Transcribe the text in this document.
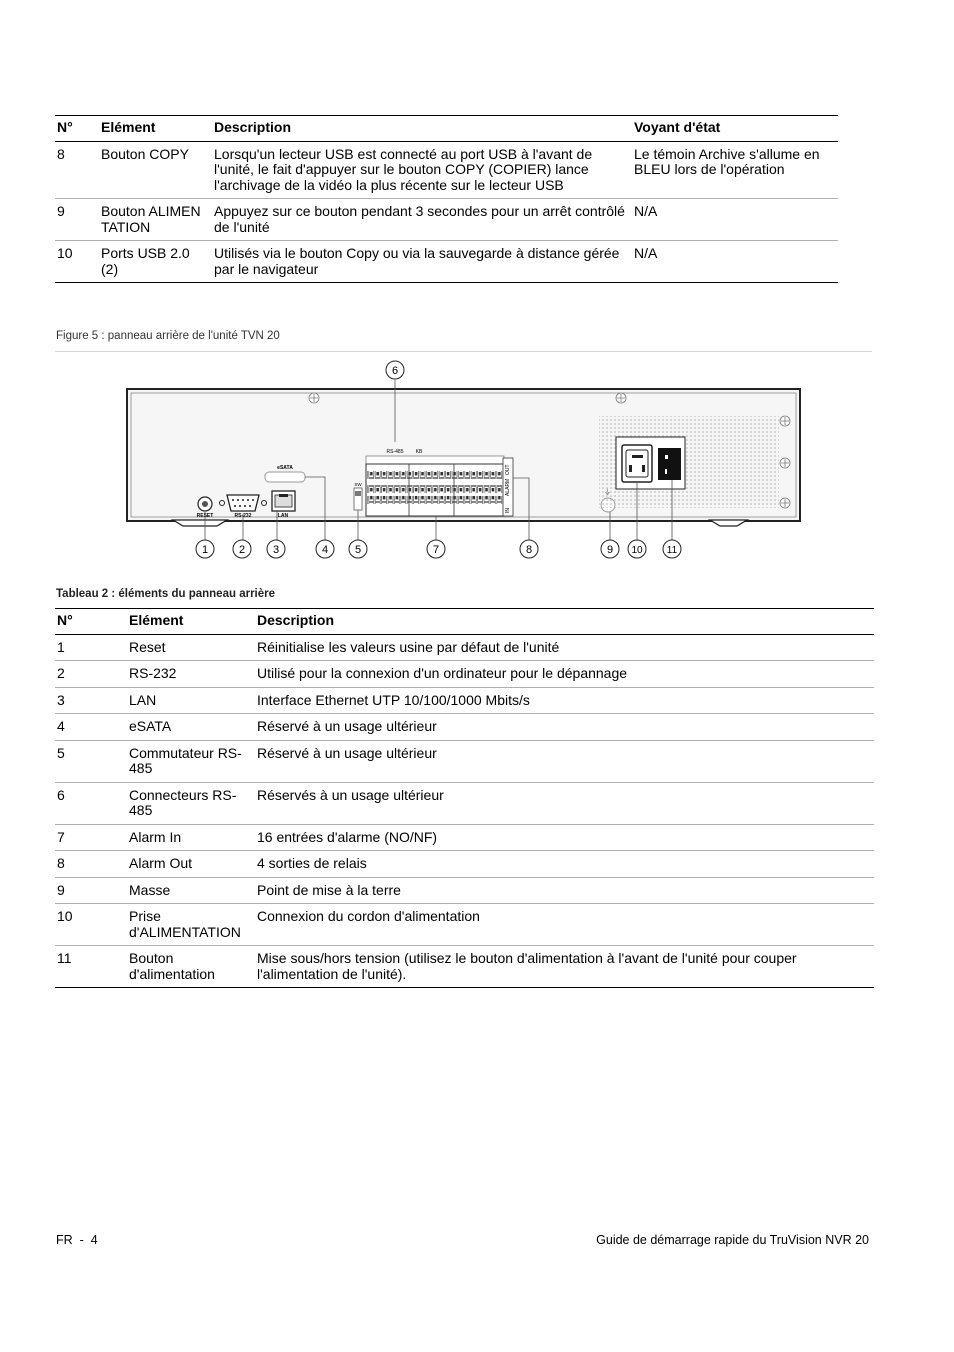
N°	Elément	Description	Voyant d'état
8	Bouton COPY	Lorsqu'un lecteur USB est connecté au port USB à l'avant de l'unité, le fait d'appuyer sur le bouton COPY (COPIER) lance l'archivage de la vidéo la plus récente sur le lecteur USB	Le témoin Archive s'allume en BLEU lors de l'opération
9	Bouton ALIMENTATION	Appuyez sur ce bouton pendant 3 secondes pour un arrêt contrôlé de l'unité	N/A
10	Ports USB 2.0 (2)	Utilisés via le bouton Copy ou via la sauvegarde à distance gérée par le navigateur	N/A
Figure 5 : panneau arrière de l'unité TVN 20
RESET	RS-232	LAN
eSATA
SW
RS-485 KB
IN
ALARM
OUT
6
1	2	3	4 5	7	8	9 10 11
Tableau 2 : éléments du panneau arrière
N°	Elément	Description
1	Reset	Réinitialise les valeurs usine par défaut de l'unité
2	RS-232	Utilisé pour la connexion d'un ordinateur pour le dépannage
3	LAN	Interface Ethernet UTP 10/100/1000 Mbits/s
4	eSATA	Réservé à un usage ultérieur
5	Commutateur RS-485	Réservé à un usage ultérieur
6	Connecteurs RS-485	Réservés à un usage ultérieur
7	Alarm In	16 entrées d'alarme (NO/NF)
8	Alarm Out	4 sorties de relais
9	Masse	Point de mise à la terre
10	Prise d'ALIMENTATION	Connexion du cordon d'alimentation
11	Bouton d'alimentation	Mise sous/hors tension (utilisez le bouton d'alimentation à l'avant de l'unité pour couper l'alimentation de l'unité).
FR  -  4	Guide de démarrage rapide du TruVision NVR 20
